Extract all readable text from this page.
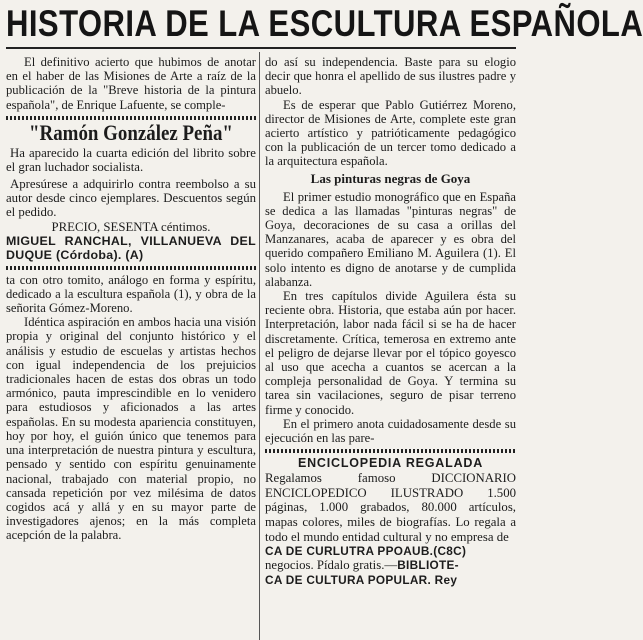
HISTORIA DE LA ESCULTURA ESPAÑOLA

El definitivo acierto que hubimos de anotar en el haber de las Misiones de Arte a raíz de la publicación de la "Breve historia de la pintura española", de Enrique Lafuente, se comple-

"Ramón González Peña"

Ha aparecido la cuarta edición del librito sobre el gran luchador socialista.

Apresúrese a adquirirlo contra reembolso a su autor desde cinco ejemplares. Descuentos según el pedido.

PRECIO, SESENTA céntimos.

MIGUEL RANCHAL, VILLANUEVA DEL DUQUE (Córdoba). (A)

ta con otro tomito, análogo en forma y espíritu, dedicado a la escultura española (1), y obra de la señorita Gómez-Moreno.

Idéntica aspiración en ambos hacia una visión propia y original del conjunto histórico y el análisis y estudio de escuelas y artistas hechos con igual independencia de los prejuicios tradicionales hacen de estas dos obras un todo armónico, pauta imprescindible en lo venidero para estudiosos y aficionados a las artes españolas. En su modesta apariencia constituyen, hoy por hoy, el guión único que tenemos para una interpretación de nuestra pintura y escultura, pensado y sentido con espíritu genuinamente nacional, trabajado con material propio, no cansada repetición por vez milésima de datos cogidos acá y allá y en su mayor parte de investigadores ajenos; en la más completa acepción de la palabra.

do así su independencia. Baste para su elogio decir que honra el apellido de sus ilustres padre y abuelo.

Es de esperar que Pablo Gutiérrez Moreno, director de Misiones de Arte, complete este gran acierto artístico y patrióticamente pedagógico con la publicación de un tercer tomo dedicado a la arquitectura española.

Las pinturas negras de Goya

El primer estudio monográfico que en España se dedica a las llamadas "pinturas negras" de Goya, decoraciones de su casa a orillas del Manzanares, acaba de aparecer y es obra del querido compañero Emiliano M. Aguilera (1). El solo intento es digno de anotarse y de cumplida alabanza.

En tres capítulos divide Aguilera ésta su reciente obra. Historia, que estaba aún por hacer. Interpretación, labor nada fácil si se ha de hacer discretamente. Crítica, temerosa en extremo ante el peligro de dejarse llevar por el tópico goyesco al uso que acecha a cuantos se acercan a la compleja personalidad de Goya. Y termina su tarea sin vacilaciones, seguro de pisar terreno firme y conocido.

En el primero anota cuidadosamente desde su ejecución en las pare-

ENCICLOPEDIA REGALADA

Regalamos famoso DICCIONARIO ENCICLOPEDICO ILUSTRADO 1.500 páginas, 1.000 grabados, 80.000 artículos, mapas colores, miles de biografías. Lo regala a todo el mundo entidad cultural y no empresa de

CA DE CURLUTRA PPOAUB.(C8C)

negocios. Pídalo gratis.—BIBLIOTE-

CA DE CULTURA POPULAR. Rey
